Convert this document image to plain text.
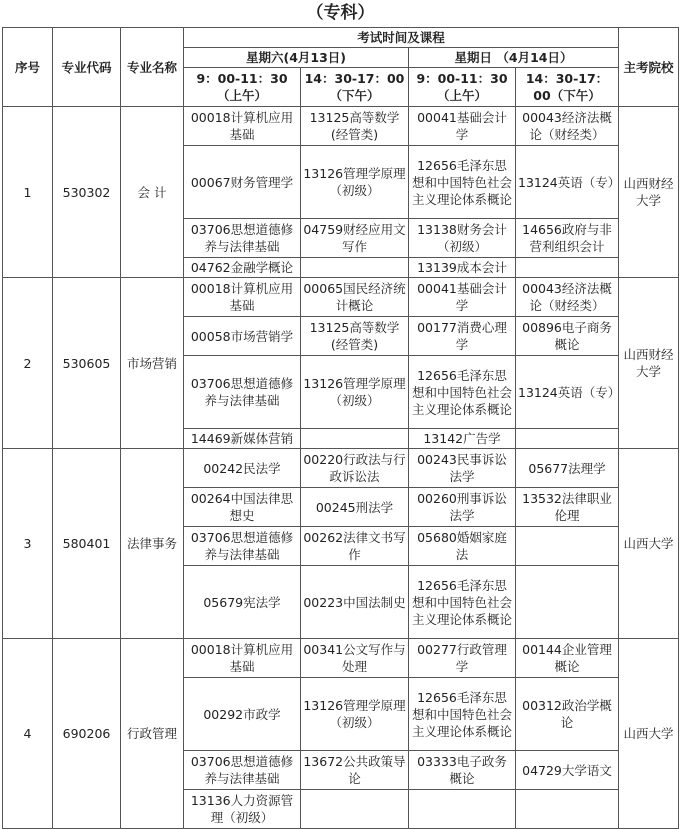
（专科）
序号	专业代码	专业名称	考试时间及课程				主考院校
			星期六(4月13日)		星期日 （4月14日）		
			9：00-11：30（上午）	14：30-17：00（下午）	9：00-11：30（上午）	14：30-17：00（下午）	
1	530302	会 计	00018计算机应用基础	13125高等数学(经管类)	00041基础会计学	00043经济法概论（财经类）	山西财经大学
			00067财务管理学	13126管理学原理（初级）	12656毛泽东思想和中国特色社会主义理论体系概论	13124英语（专）	
			03706思想道德修养与法律基础	04759财经应用文写作	13138财务会计（初级）	14656政府与非营利组织会计	
			04762金融学概论		13139成本会计		
2	530605	市场营销	00018计算机应用基础	00065国民经济统计概论	00041基础会计学	00043经济法概论（财经类）	山西财经大学
			00058市场营销学	13125高等数学(经管类)	00177消费心理学	00896电子商务概论	
			03706思想道德修养与法律基础	13126管理学原理（初级）	12656毛泽东思想和中国特色社会主义理论体系概论	13124英语（专）	
			14469新媒体营销		13142广告学		
3	580401	法律事务	00242民法学	00220行政法与行政诉讼法	00243民事诉讼法学	05677法理学	山西大学
			00264中国法律思想史	00245刑法学	00260刑事诉讼法学	13532法律职业伦理	
			03706思想道德修养与法律基础	00262法律文书写作	05680婚姻家庭法		
			05679宪法学	00223中国法制史	12656毛泽东思想和中国特色社会主义理论体系概论		
4	690206	行政管理	00018计算机应用基础	00341公文写作与处理	00277行政管理学	00144企业管理概论	山西大学
			00292市政学	13126管理学原理（初级）	12656毛泽东思想和中国特色社会主义理论体系概论	00312政治学概论	
			03706思想道德修养与法律基础	13672公共政策导论	03333电子政务概论	04729大学语文	
			13136人力资源管理（初级）				
